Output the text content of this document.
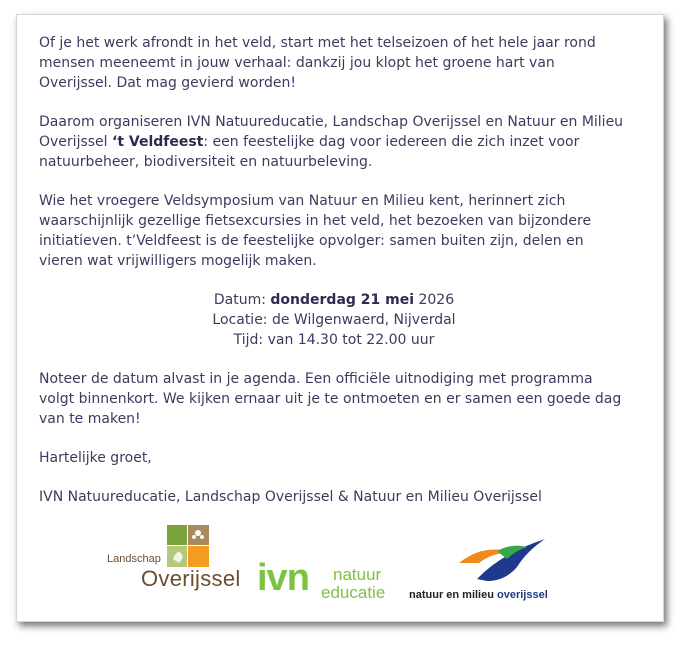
Of je het werk afrondt in het veld, start met het telseizoen of het hele jaar rond mensen meeneemt in jouw verhaal: dankzij jou klopt het groene hart van Overijssel. Dat mag gevierd worden!

Daarom organiseren IVN Natuureducatie, Landschap Overijssel en Natuur en Milieu Overijssel ‘t Veldfeest: een feestelijke dag voor iedereen die zich inzet voor natuurbeheer, biodiversiteit en natuurbeleving.

Wie het vroegere Veldsymposium van Natuur en Milieu kent, herinnert zich waarschijnlijk gezellige fietsexcursies in het veld, het bezoeken van bijzondere initiatieven. t’Veldfeest is de feestelijke opvolger: samen buiten zijn, delen en vieren wat vrijwilligers mogelijk maken.

Datum: donderdag 21 mei 2026
Locatie: de Wilgenwaerd, Nijverdal
Tijd: van 14.30 tot 22.00 uur

Noteer de datum alvast in je agenda. Een officiële uitnodiging met programma volgt binnenkort. We kijken ernaar uit je te ontmoeten en er samen een goede dag van te maken!

Hartelijke groet,

IVN Natuureducatie, Landschap Overijssel & Natuur en Milieu Overijssel

Landschap
Overijssel ivn natuur
educatie natuur en milieu overijssel
